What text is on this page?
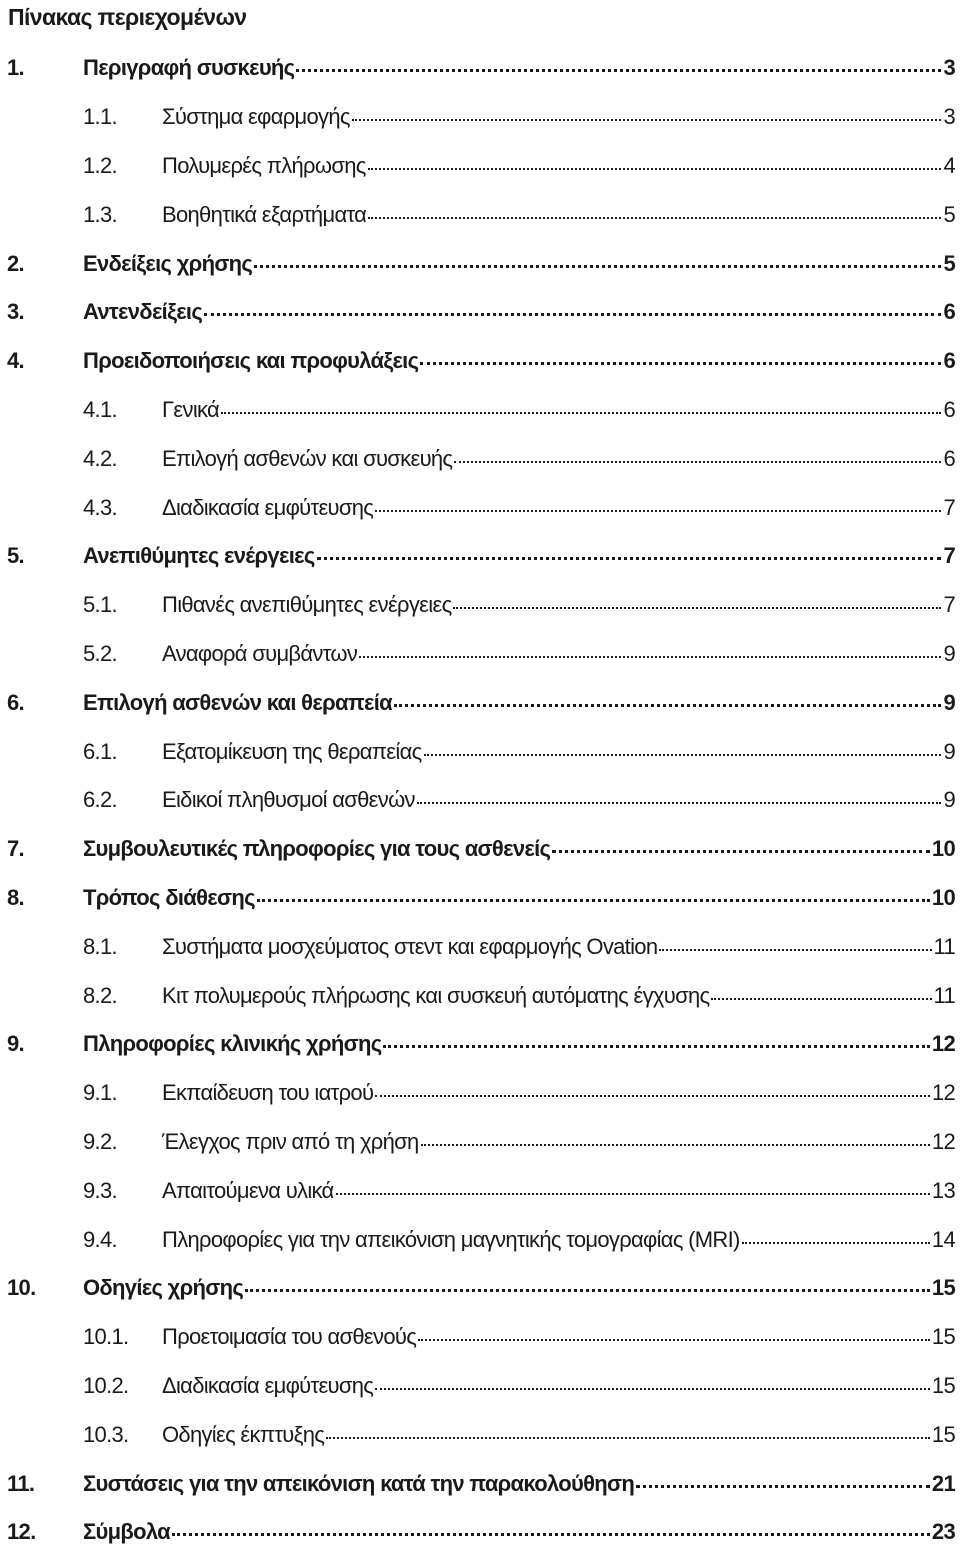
Πίνακας περιεχομένων
1.	Περιγραφή συσκευής	3
1.1.	Σύστημα εφαρμογής	3
1.2.	Πολυμερές πλήρωσης	4
1.3.	Βοηθητικά εξαρτήματα	5
2.	Ενδείξεις χρήσης	5
3.	Αντενδείξεις	6
4.	Προειδοποιήσεις και προφυλάξεις	6
4.1.	Γενικά	6
4.2.	Επιλογή ασθενών και συσκευής	6
4.3.	Διαδικασία εμφύτευσης	7
5.	Ανεπιθύμητες ενέργειες	7
5.1.	Πιθανές ανεπιθύμητες ενέργειες	7
5.2.	Αναφορά συμβάντων	9
6.	Επιλογή ασθενών και θεραπεία	9
6.1.	Εξατομίκευση της θεραπείας	9
6.2.	Ειδικοί πληθυσμοί ασθενών	9
7.	Συμβουλευτικές πληροφορίες για τους ασθενείς	10
8.	Τρόπος διάθεσης	10
8.1.	Συστήματα μοσχεύματος στεντ και εφαρμογής Ovation	11
8.2.	Κιτ πολυμερούς πλήρωσης και συσκευή αυτόματης έγχυσης	11
9.	Πληροφορίες κλινικής χρήσης	12
9.1.	Εκπαίδευση του ιατρού	12
9.2.	Έλεγχος πριν από τη χρήση	12
9.3.	Απαιτούμενα υλικά	13
9.4.	Πληροφορίες για την απεικόνιση μαγνητικής τομογραφίας (MRI)	14
10.	Οδηγίες χρήσης	15
10.1.	Προετοιμασία του ασθενούς	15
10.2.	Διαδικασία εμφύτευσης	15
10.3.	Οδηγίες έκπτυξης	15
11.	Συστάσεις για την απεικόνιση κατά την παρακολούθηση	21
12.	Σύμβολα	23
